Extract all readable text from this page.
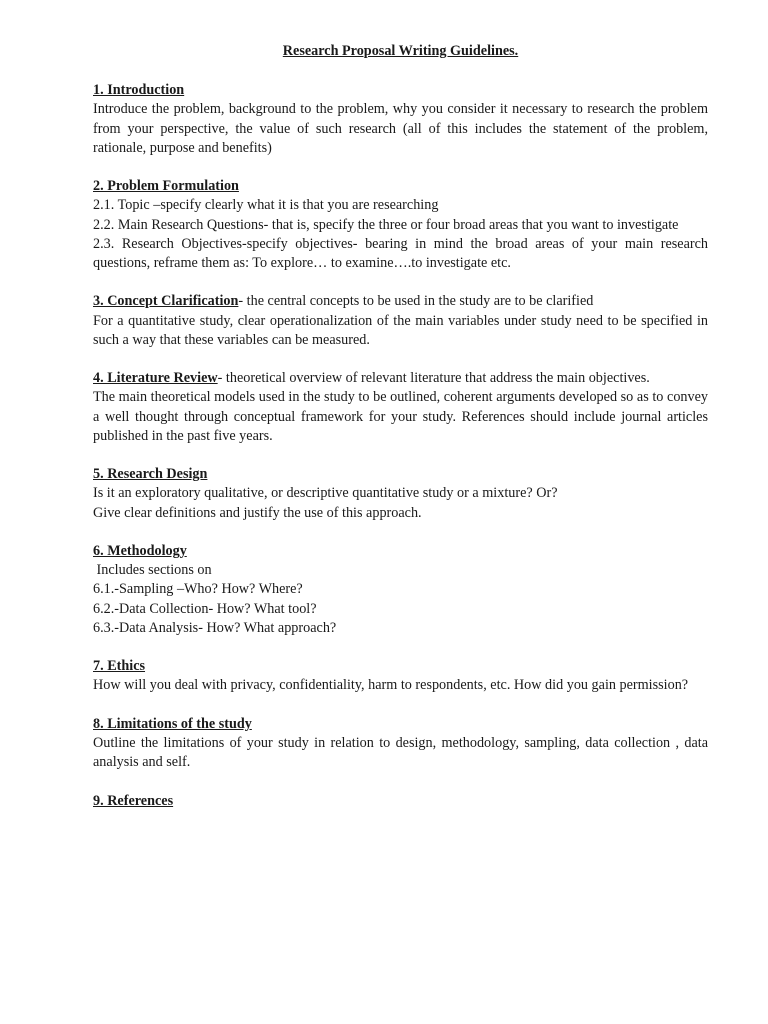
Research Proposal Writing Guidelines.

1. Introduction

Introduce the problem, background to the problem, why you consider it necessary to research the problem from your perspective, the value of such research (all of this includes the statement of the problem, rationale, purpose and benefits)

2. Problem Formulation

2.1. Topic –specify clearly what it is that you are researching

2.2. Main Research Questions- that is, specify the three or four broad areas that you want to investigate

2.3. Research Objectives-specify objectives- bearing in mind the broad areas of your main research questions, reframe them as: To explore… to examine….to investigate etc.

3. Concept Clarification- the central concepts to be used in the study are to be clarified

For a quantitative study, clear operationalization of the main variables under study need to be specified in such a way that these variables can be measured.

4. Literature Review- theoretical overview of relevant literature that address the main objectives.

The main theoretical models used in the study to be outlined, coherent arguments developed so as to convey a well thought through conceptual framework for your study. References should include journal articles published in the past five years.

5. Research Design

Is it an exploratory qualitative, or descriptive quantitative study or a mixture? Or?

Give clear definitions and justify the use of this approach.

6. Methodology

Includes sections on

6.1.-Sampling –Who? How? Where?

6.2.-Data Collection- How? What tool?

6.3.-Data Analysis- How? What approach?

7. Ethics

How will you deal with privacy, confidentiality, harm to respondents, etc. How did you gain permission?

8. Limitations of the study

Outline the limitations of your study in relation to design, methodology, sampling, data collection , data analysis and self.

9. References
